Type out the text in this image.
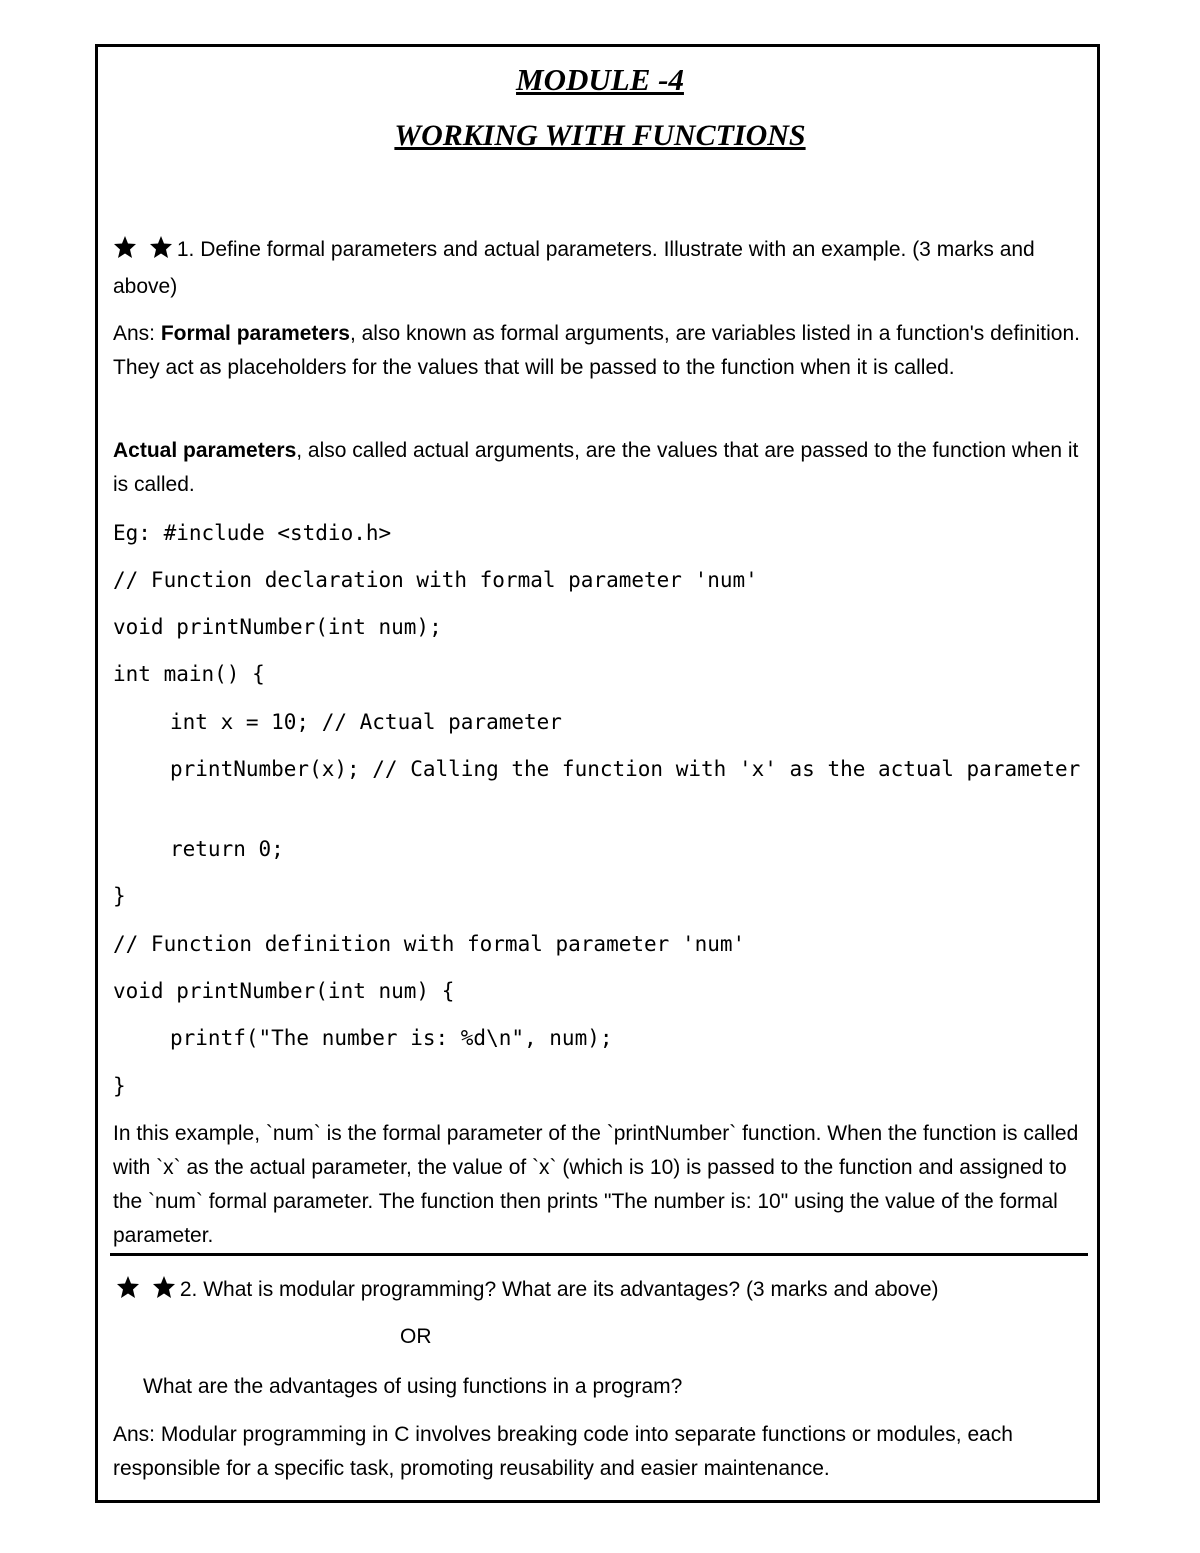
MODULE -4
WORKING WITH FUNCTIONS
1. Define formal parameters and actual parameters. Illustrate with an example. (3 marks and above)
Ans: Formal parameters, also known as formal arguments, are variables listed in a function's definition. They act as placeholders for the values that will be passed to the function when it is called.
Actual parameters, also called actual arguments, are the values that are passed to the function when it is called.
Eg: #include <stdio.h>
// Function declaration with formal parameter 'num'
void printNumber(int num);
int main() {
int x = 10; // Actual parameter
printNumber(x); // Calling the function with 'x' as the actual parameter
return 0;
}
// Function definition with formal parameter 'num'
void printNumber(int num) {
printf("The number is: %d\n", num);
}
In this example, `num` is the formal parameter of the `printNumber` function. When the function is called with `x` as the actual parameter, the value of `x` (which is 10) is passed to the function and assigned to the `num` formal parameter. The function then prints "The number is: 10" using the value of the formal parameter.
2. What is modular programming? What are its advantages? (3 marks and above)
OR
What are the advantages of using functions in a program?
Ans: Modular programming in C involves breaking code into separate functions or modules, each responsible for a specific task, promoting reusability and easier maintenance.
